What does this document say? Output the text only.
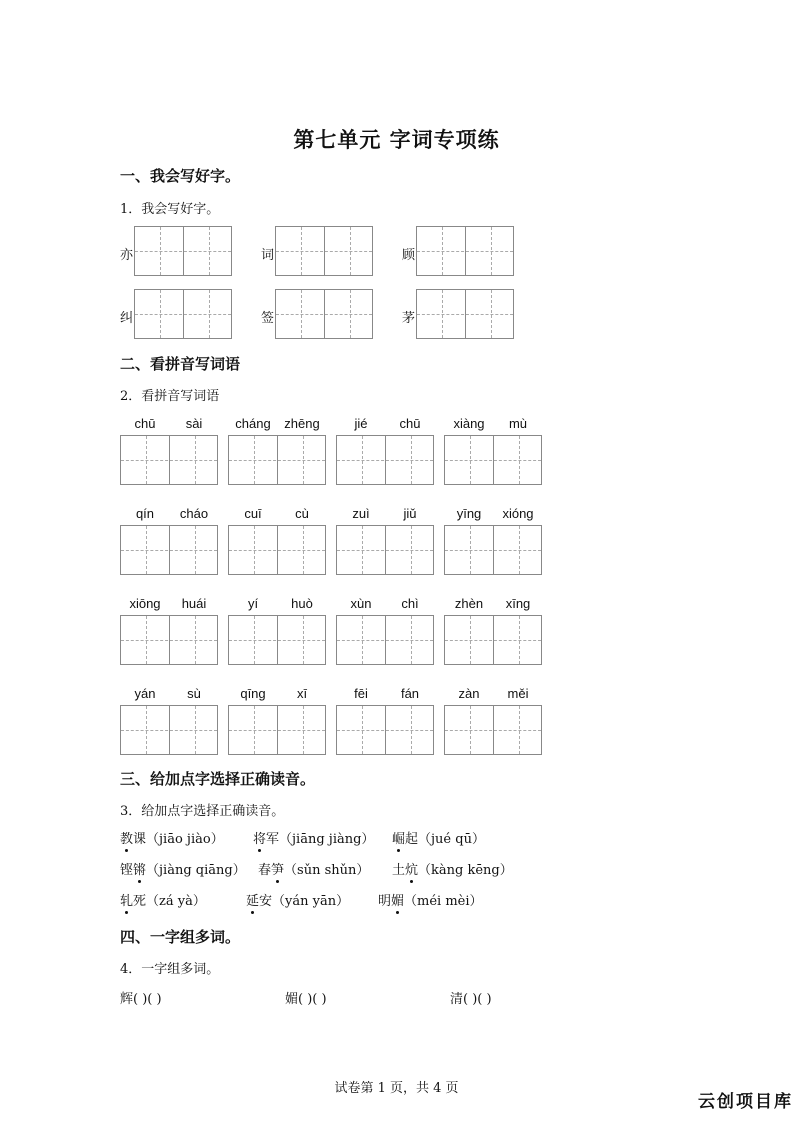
第七单元 字词专项练
一、我会写好字。
1．我会写好字。
亦	词	顾
纠	签	茅
二、看拼音写词语
2．看拼音写词语
chū	sài	cháng	zhēng	jié	chū	xiàng	mù
qín	cháo	cuī	cù	zuì	jiǔ	yīng	xióng
xiōng	huái	yí	huò	xùn	chì	zhèn	xīng
yán	sù	qīng	xī	fēi	fán	zàn	měi
三、给加点字选择正确读音。
3．给加点字选择正确读音。
教课（jiāo jiào） 将军（jiāng jiàng） 崛起（jué qū）
铿锵（jiàng qiāng） 春笋（sǔn shǔn） 土炕（kàng kēng）
轧死（zá yà）	延安（yán yān） 明媚（méi mèi）
四、一字组多词。
4．一字组多词。
辉( )( )	媚( )( )	清( )( )
试卷第 1 页，共 4 页
云创项目库
